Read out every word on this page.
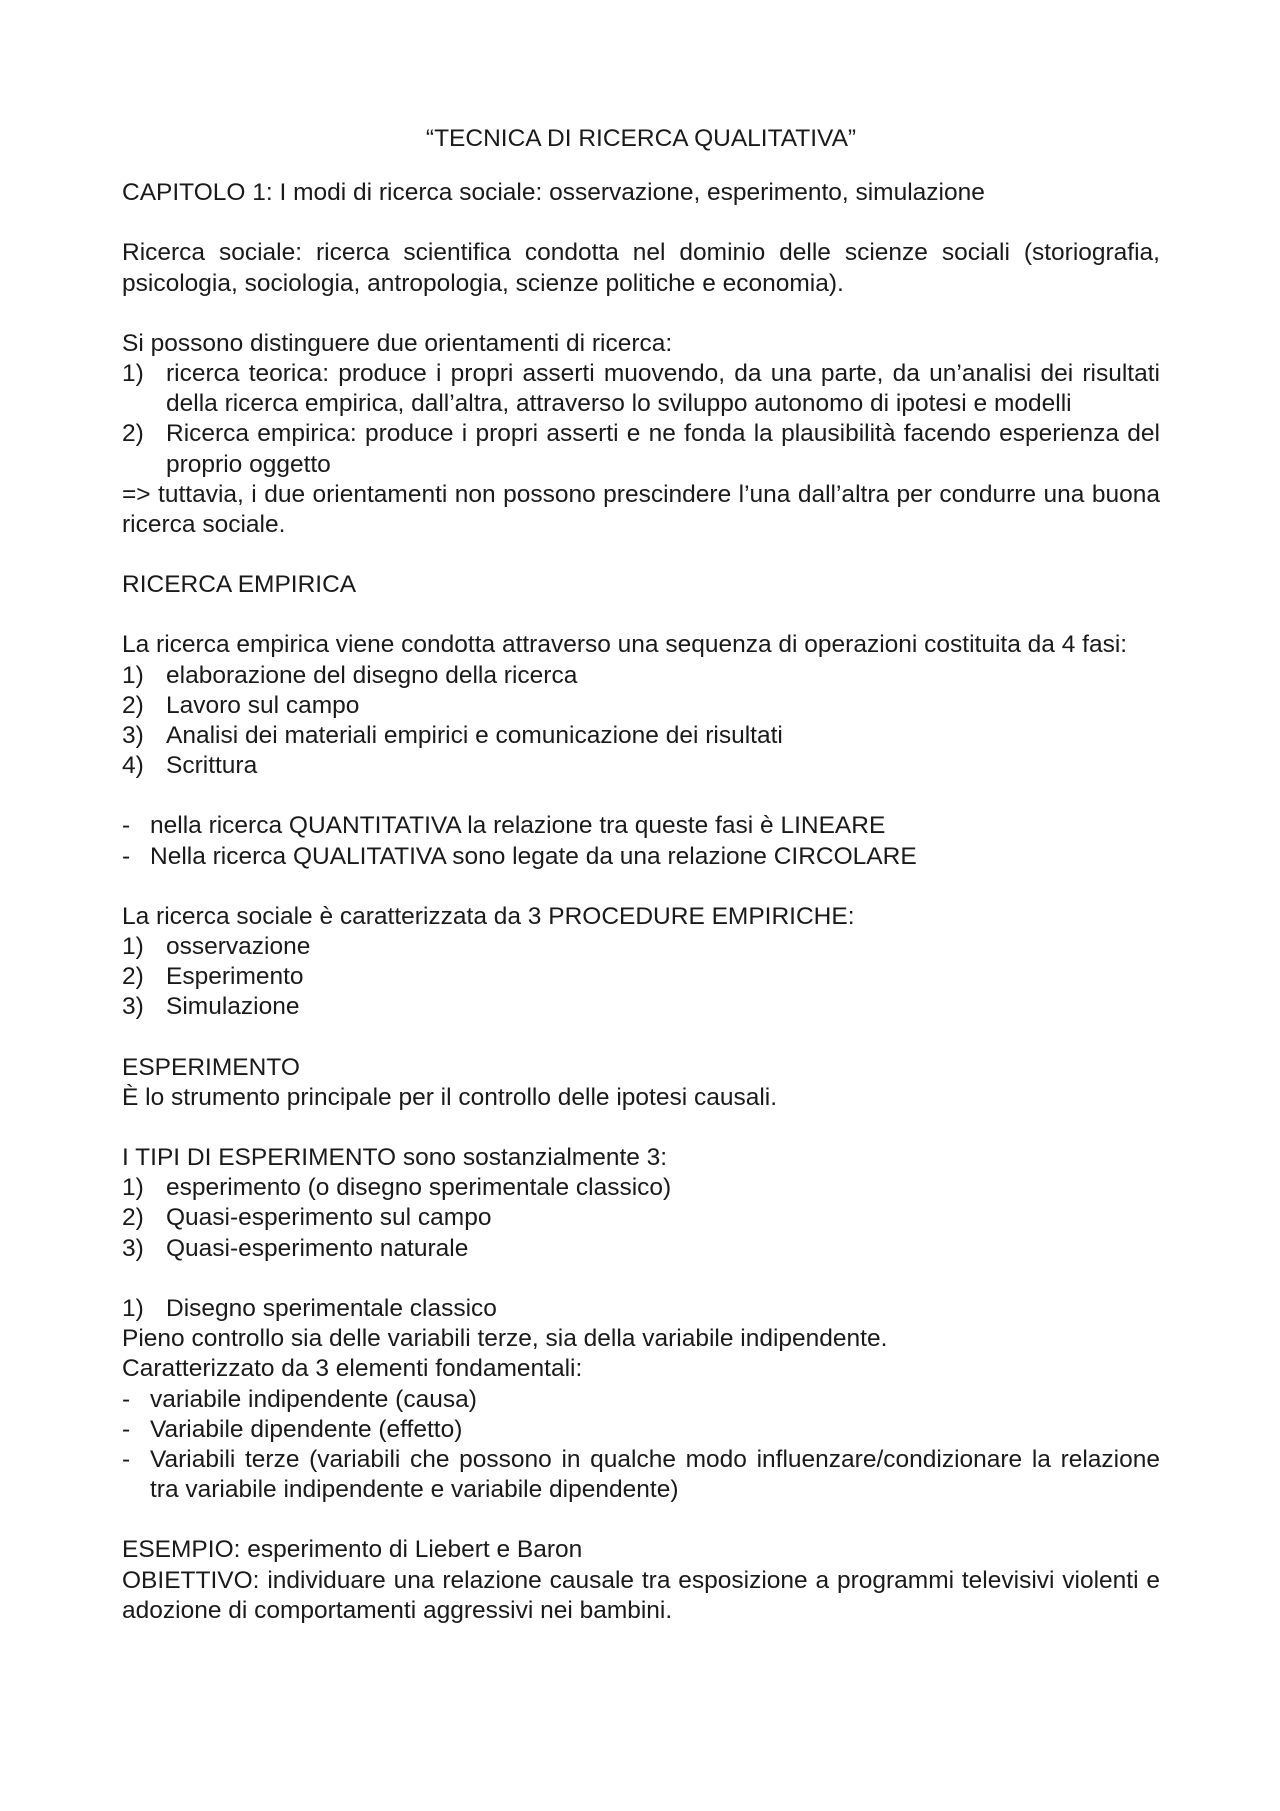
“TECNICA DI RICERCA QUALITATIVA”

CAPITOLO 1: I modi di ricerca sociale: osservazione, esperimento, simulazione

Ricerca sociale: ricerca scientifica condotta nel dominio delle scienze sociali (storiografia, psicologia, sociologia, antropologia, scienze politiche e economia).

Si possono distinguere due orientamenti di ricerca:

1) ricerca teorica: produce i propri asserti muovendo, da una parte, da un’analisi dei risultati della ricerca empirica, dall’altra, attraverso lo sviluppo autonomo di ipotesi e modelli
2) Ricerca empirica: produce i propri asserti e ne fonda la plausibilità facendo esperienza del proprio oggetto

=> tuttavia, i due orientamenti non possono prescindere l’una dall’altra per condurre una buona ricerca sociale.

RICERCA EMPIRICA

La ricerca empirica viene condotta attraverso una sequenza di operazioni costituita da 4 fasi:

1) elaborazione del disegno della ricerca
2) Lavoro sul campo
3) Analisi dei materiali empirici e comunicazione dei risultati
4) Scrittura
- nella ricerca QUANTITATIVA la relazione tra queste fasi è LINEARE
- Nella ricerca QUALITATIVA sono legate da una relazione CIRCOLARE

La ricerca sociale è caratterizzata da 3 PROCEDURE EMPIRICHE:

1) osservazione
2) Esperimento
3) Simulazione

ESPERIMENTO

È lo strumento principale per il controllo delle ipotesi causali.

I TIPI DI ESPERIMENTO sono sostanzialmente 3:

1) esperimento (o disegno sperimentale classico)
2) Quasi-esperimento sul campo
3) Quasi-esperimento naturale
1) Disegno sperimentale classico

Pieno controllo sia delle variabili terze, sia della variabile indipendente.

Caratterizzato da 3 elementi fondamentali:

- variabile indipendente (causa)
- Variabile dipendente (effetto)
- Variabili terze (variabili che possono in qualche modo influenzare/condizionare la relazione tra variabile indipendente e variabile dipendente)

ESEMPIO: esperimento di Liebert e Baron

OBIETTIVO: individuare una relazione causale tra esposizione a programmi televisivi violenti e adozione di comportamenti aggressivi nei bambini.
